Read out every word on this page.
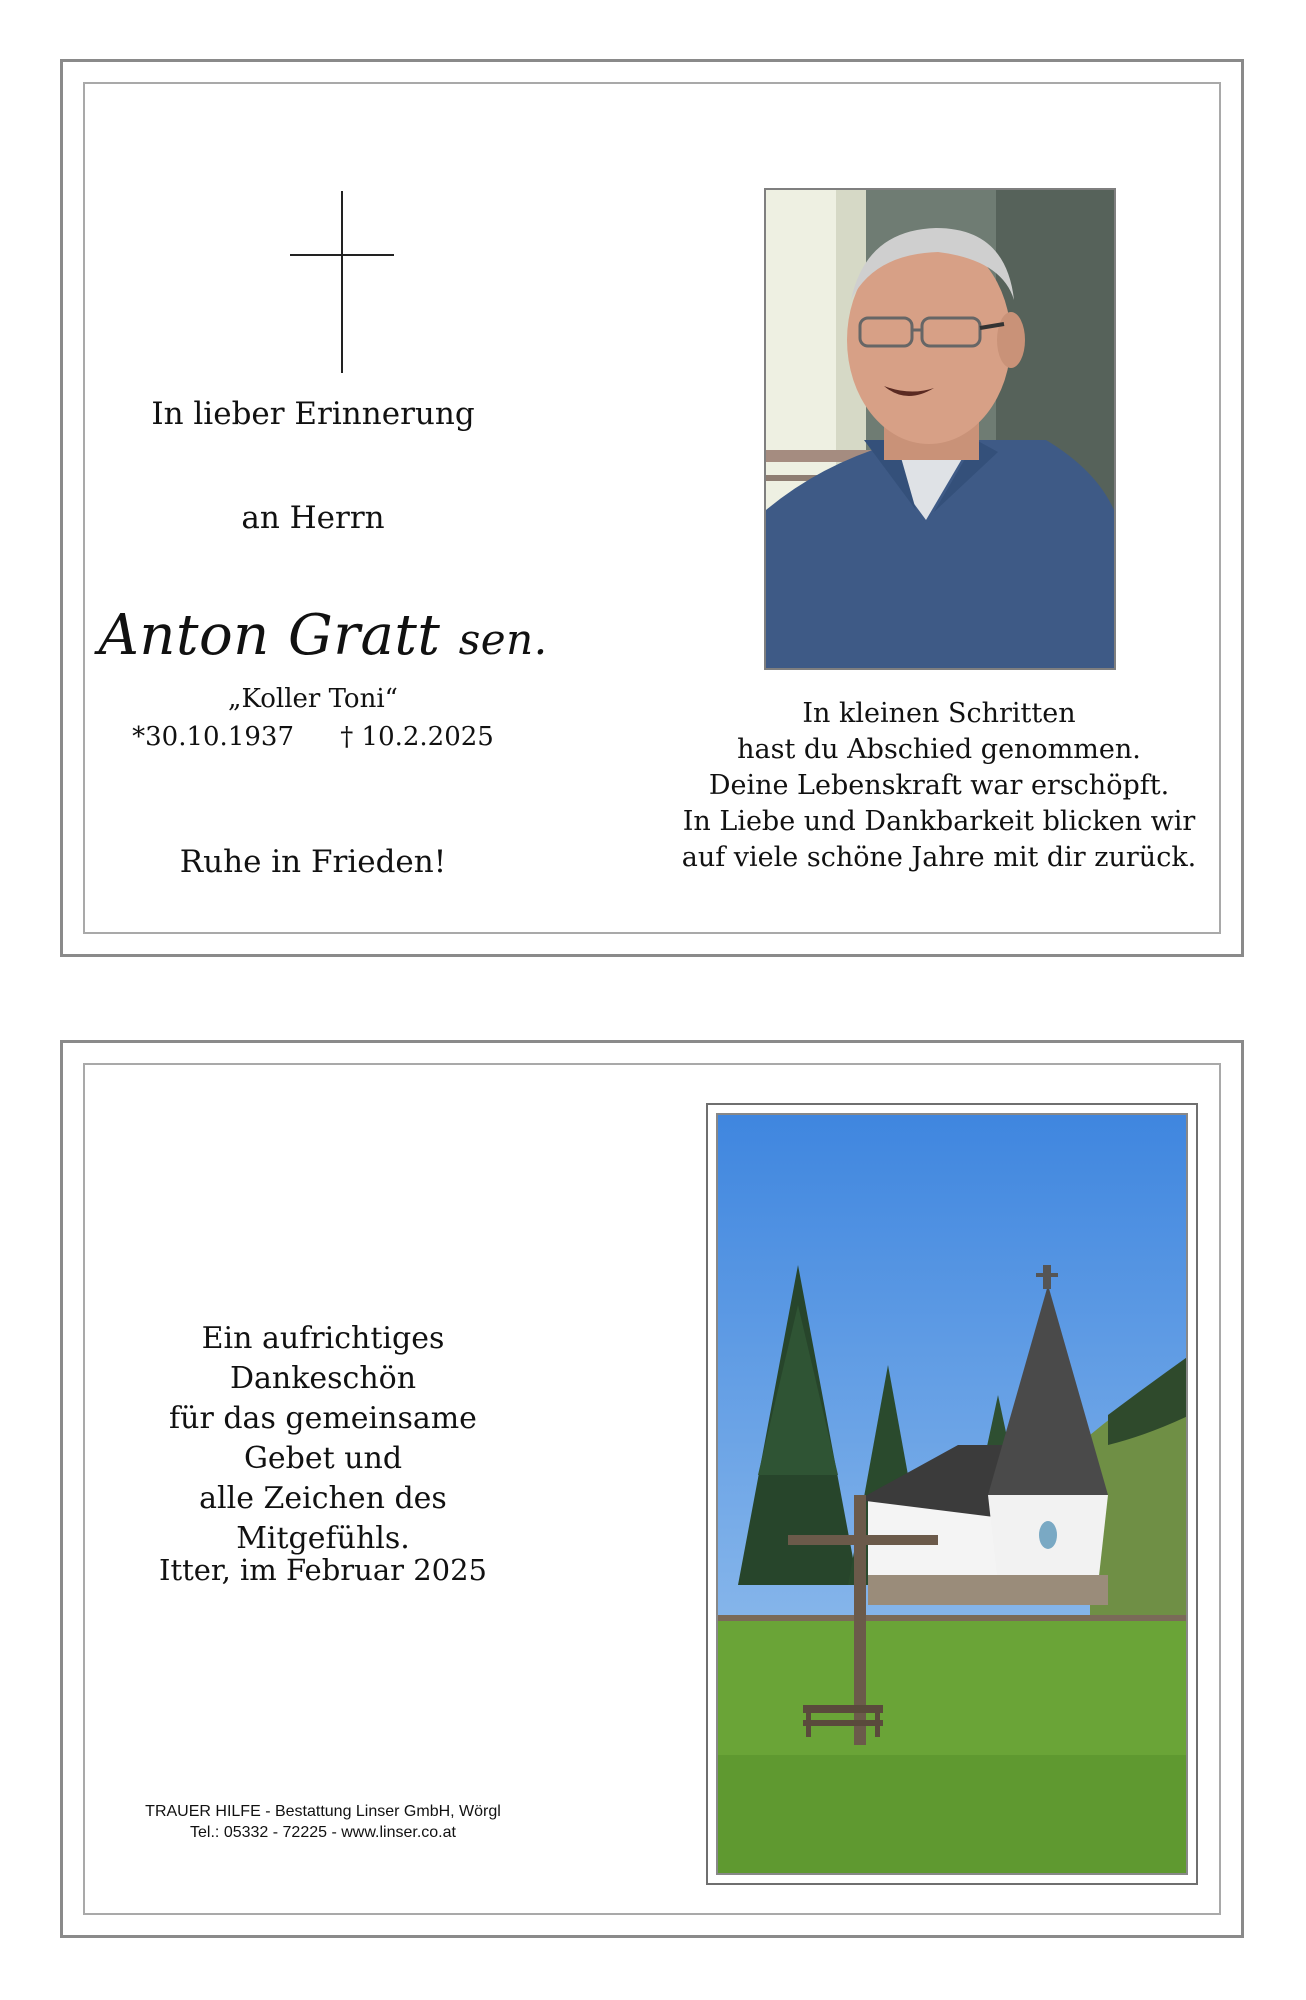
In lieber Erinnerung
an Herrn
Anton Gratt sen.
„Koller Toni“
*30.10.1937 † 10.2.2025
Ruhe in Frieden!
In kleinen Schritten
hast du Abschied genommen.
Deine Lebenskraft war erschöpft.
In Liebe und Dankbarkeit blicken wir
auf viele schöne Jahre mit dir zurück.
Ein aufrichtiges Dankeschön
für das gemeinsame Gebet und
alle Zeichen des Mitgefühls.
Itter, im Februar 2025
TRAUER HILFE - Bestattung Linser GmbH, Wörgl
Tel.: 05332 - 72225 - www.linser.co.at
